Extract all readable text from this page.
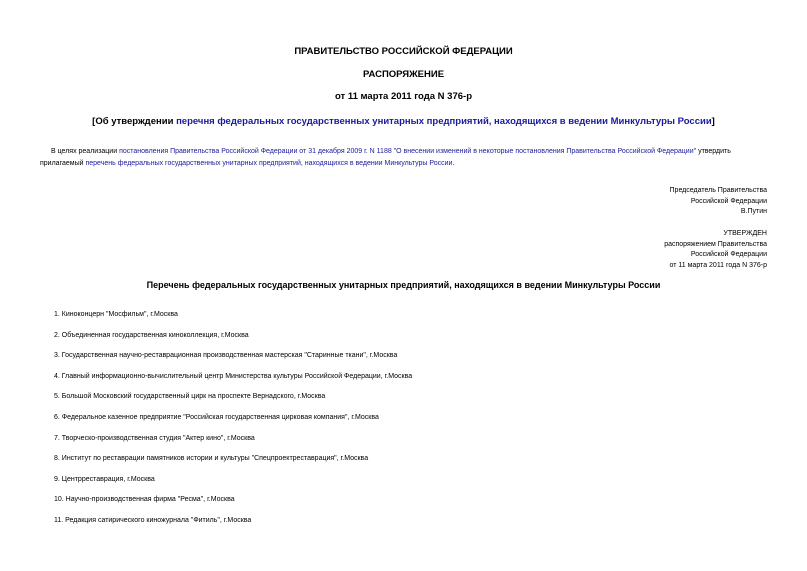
ПРАВИТЕЛЬСТВО РОССИЙСКОЙ ФЕДЕРАЦИИ
РАСПОРЯЖЕНИЕ
от 11 марта 2011 года N 376-р
[Об утверждении перечня федеральных государственных унитарных предприятий, находящихся в ведении Минкультуры России]
В целях реализации постановления Правительства Российской Федерации от 31 декабря 2009 г. N 1188 "О внесении изменений в некоторые постановления Правительства Российской Федерации" утвердить прилагаемый перечень федеральных государственных унитарных предприятий, находящихся в ведении Минкультуры России.
Председатель Правительства
Российской Федерации
В.Путин
УТВЕРЖДЕН
распоряжением Правительства
Российской Федерации
от 11 марта 2011 года N 376-р
Перечень федеральных государственных унитарных предприятий, находящихся в ведении Минкультуры России
1. Киноконцерн "Мосфильм", г.Москва
2. Объединенная государственная киноколлекция, г.Москва
3. Государственная научно-реставрационная производственная мастерская "Старинные ткани", г.Москва
4. Главный информационно-вычислительный центр Министерства культуры Российской Федерации, г.Москва
5. Большой Московский государственный цирк на проспекте Вернадского, г.Москва
6. Федеральное казенное предприятие "Российская государственная цирковая компания", г.Москва
7. Творческо-производственная студия "Актер кино", г.Москва
8. Институт по реставрации памятников истории и культуры "Спецпроектреставрация", г.Москва
9. Центрреставрация, г.Москва
10. Научно-производственная фирма "Ресма", г.Москва
11. Редакция сатирического киножурнала "Фитиль", г.Москва
